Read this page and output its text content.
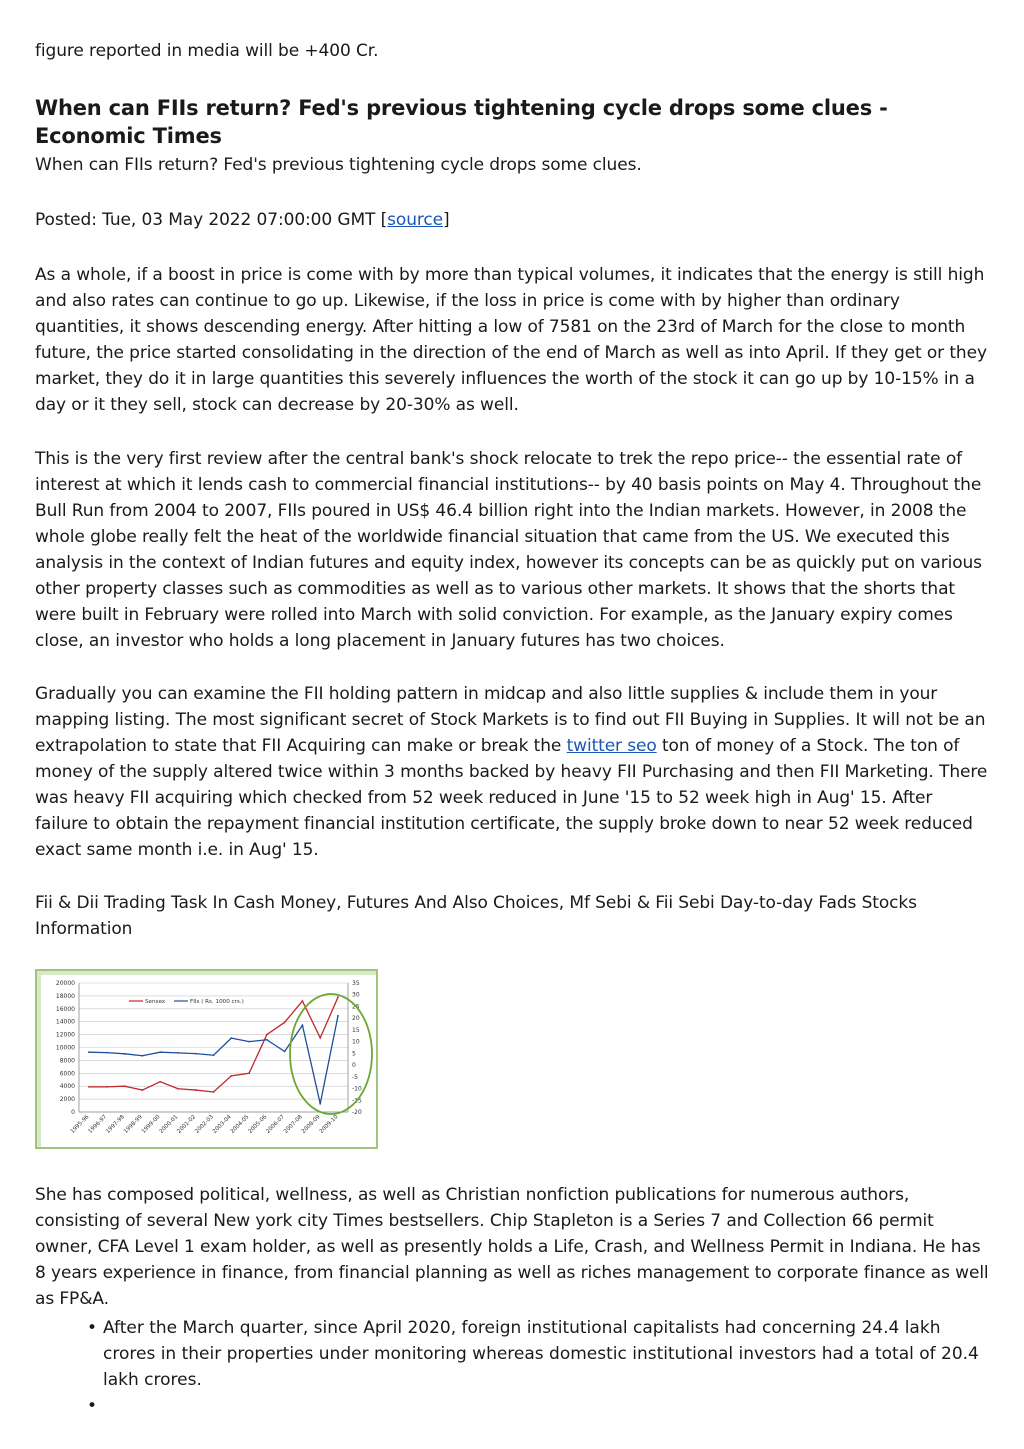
figure reported in media will be +400 Cr.

When can FIIs return? Fed's previous tightening cycle drops some clues - Economic Times

When can FIIs return? Fed's previous tightening cycle drops some clues.

Posted: Tue, 03 May 2022 07:00:00 GMT [source]

As a whole, if a boost in price is come with by more than typical volumes, it indicates that the energy is still high and also rates can continue to go up. Likewise, if the loss in price is come with by higher than ordinary quantities, it shows descending energy. After hitting a low of 7581 on the 23rd of March for the close to month future, the price started consolidating in the direction of the end of March as well as into April. If they get or they market, they do it in large quantities this severely influences the worth of the stock it can go up by 10-15% in a day or it they sell, stock can decrease by 20-30% as well.

This is the very first review after the central bank's shock relocate to trek the repo price-- the essential rate of interest at which it lends cash to commercial financial institutions-- by 40 basis points on May 4. Throughout the Bull Run from 2004 to 2007, FIIs poured in US$ 46.4 billion right into the Indian markets. However, in 2008 the whole globe really felt the heat of the worldwide financial situation that came from the US. We executed this analysis in the context of Indian futures and equity index, however its concepts can be as quickly put on various other property classes such as commodities as well as to various other markets. It shows that the shorts that were built in February were rolled into March with solid conviction. For example, as the January expiry comes close, an investor who holds a long placement in January futures has two choices.

Gradually you can examine the FII holding pattern in midcap and also little supplies & include them in your mapping listing. The most significant secret of Stock Markets is to find out FII Buying in Supplies. It will not be an extrapolation to state that FII Acquiring can make or break the twitter seo ton of money of a Stock. The ton of money of the supply altered twice within 3 months backed by heavy FII Purchasing and then FII Marketing. There was heavy FII acquiring which checked from 52 week reduced in June '15 to 52 week high in Aug' 15. After failure to obtain the repayment financial institution certificate, the supply broke down to near 52 week reduced exact same month i.e. in Aug' 15.

Fii & Dii Trading Task In Cash Money, Futures And Also Choices, Mf Sebi & Fii Sebi Day-to-day Fads Stocks Information

0
2000
4000
6000
8000
10000
12000
14000
16000
18000
20000
-20
-15
-10
-5
0
5
10
15
20
25
30
35
1995-96
1996-97
1997-98
1998-99
1999-00
2000-01
2001-02
2002-03
2003-04
2004-05
2005-06
2006-07
2007-08
2008-09
2009-10
Sensex	FIIs ( Rs. 1000 crs.)

She has composed political, wellness, as well as Christian nonfiction publications for numerous authors, consisting of several New york city Times bestsellers. Chip Stapleton is a Series 7 and Collection 66 permit owner, CFA Level 1 exam holder, as well as presently holds a Life, Crash, and Wellness Permit in Indiana. He has 8 years experience in finance, from financial planning as well as riches management to corporate finance as well as FP&A.

• After the March quarter, since April 2020, foreign institutional capitalists had concerning 24.4 lakh crores in their properties under monitoring whereas domestic institutional investors had a total of 20.4 lakh crores.
•
